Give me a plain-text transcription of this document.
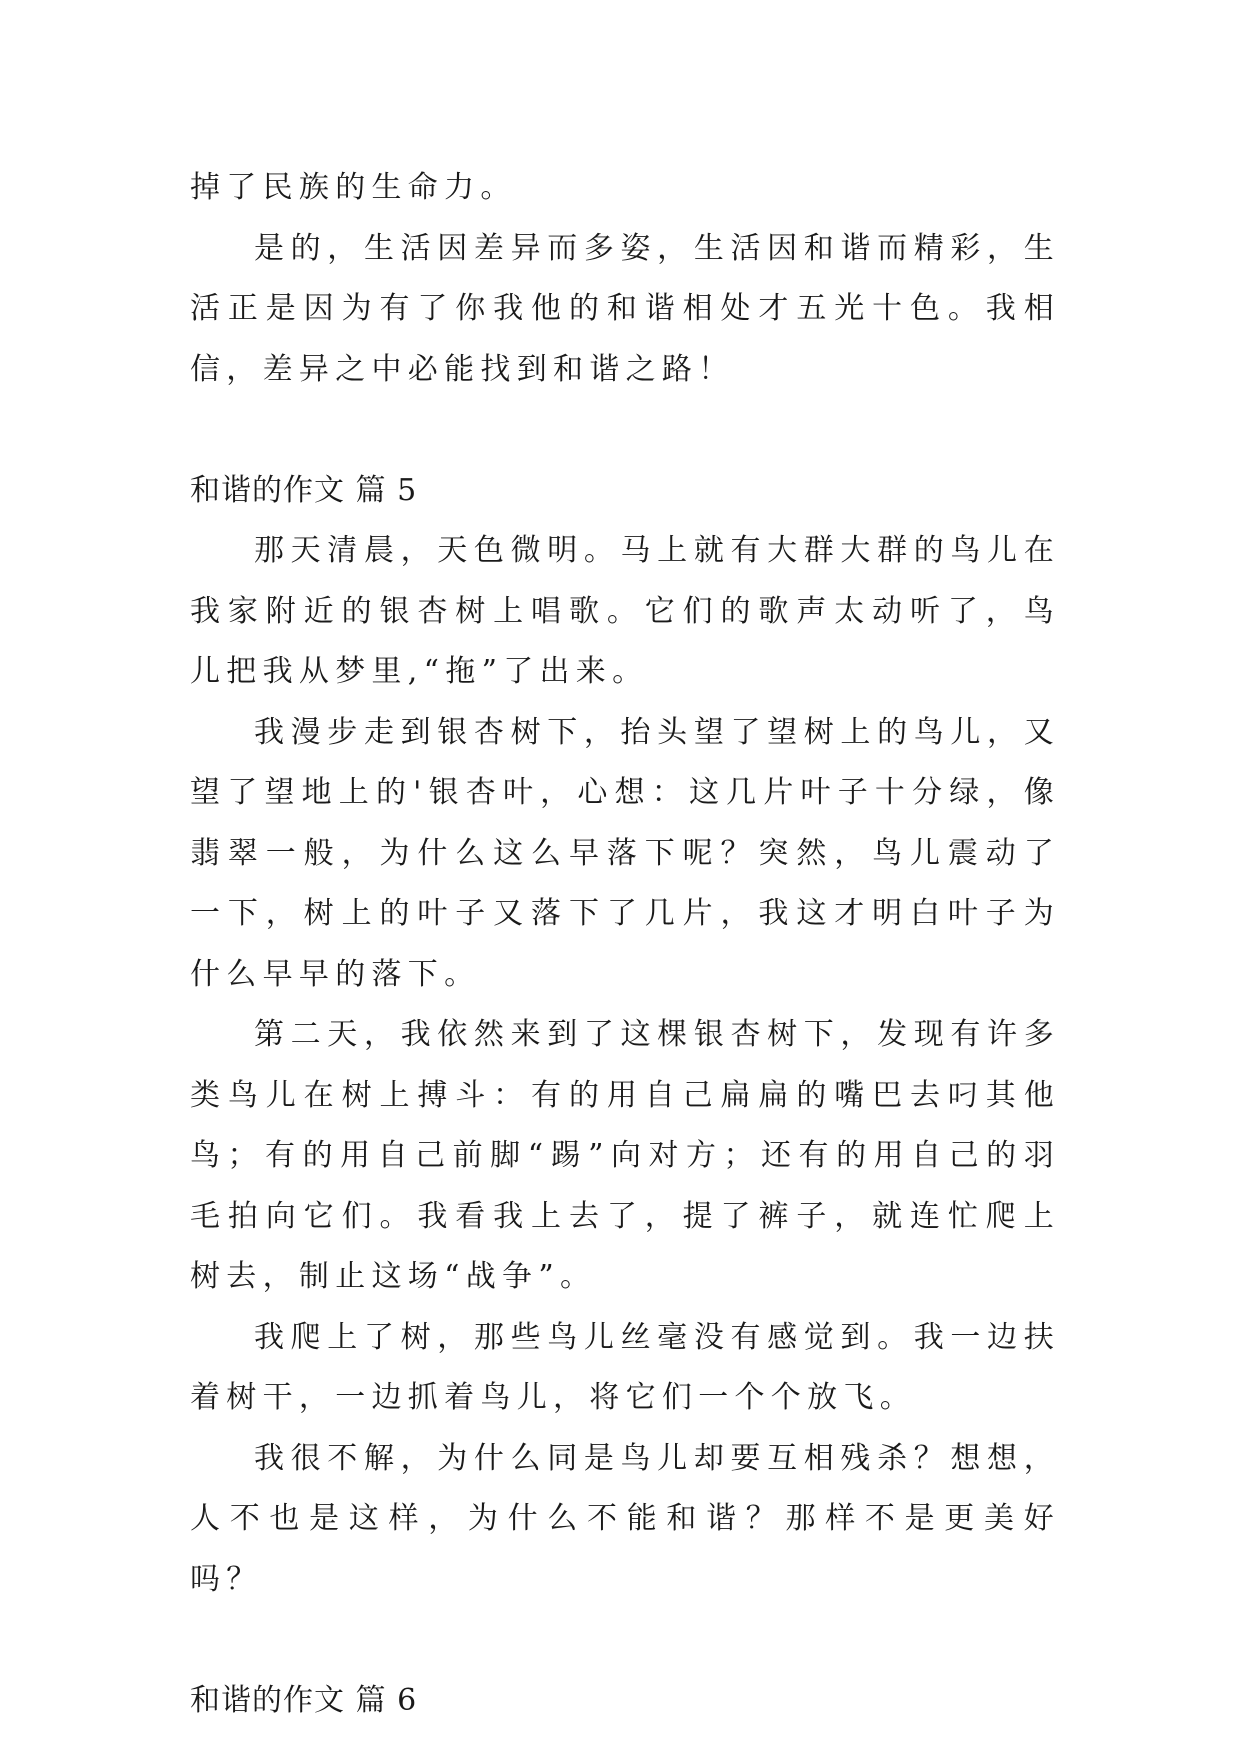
掉了民族的生命力。

是的，生活因差异而多姿，生活因和谐而精彩，生活正是因为有了你我他的和谐相处才五光十色。我相信，差异之中必能找到和谐之路！

和谐的作文 篇 5

那天清晨，天色微明。马上就有大群大群的鸟儿在我家附近的银杏树上唱歌。它们的歌声太动听了，鸟儿把我从梦里,“拖”了出来。

我漫步走到银杏树下，抬头望了望树上的鸟儿，又望了望地上的'银杏叶，心想：这几片叶子十分绿，像翡翠一般，为什么这么早落下呢？突然，鸟儿震动了一下，树上的叶子又落下了几片，我这才明白叶子为什么早早的落下。

第二天，我依然来到了这棵银杏树下，发现有许多类鸟儿在树上搏斗：有的用自己扁扁的嘴巴去叼其他鸟；有的用自己前脚“踢”向对方；还有的用自己的羽毛拍向它们。我看我上去了，提了裤子，就连忙爬上树去，制止这场“战争”。

我爬上了树，那些鸟儿丝毫没有感觉到。我一边扶着树干，一边抓着鸟儿，将它们一个个放飞。

我很不解，为什么同是鸟儿却要互相残杀？想想，人不也是这样，为什么不能和谐？那样不是更美好吗？

和谐的作文 篇 6
